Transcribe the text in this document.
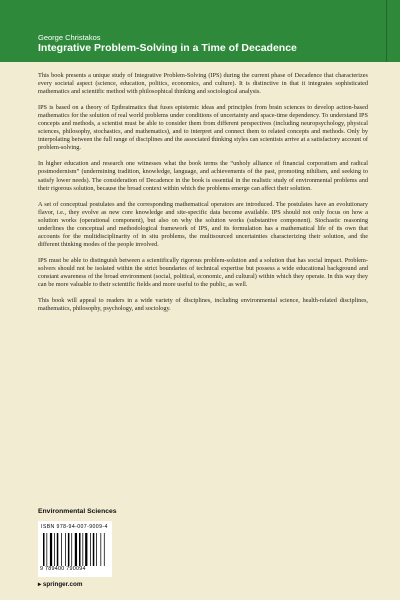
George Christakos
Integrative Problem-Solving in a Time of Decadence

This book presents a unique study of Integrative Problem-Solving (IPS) during the current phase of Decadence that characterizes every societal aspect (science, education, politics, economics, and culture). It is distinctive in that it integrates sophisticated mathematics and scientific method with philosophical thinking and sociological analysis.

IPS is based on a theory of Epibraimatics that fuses epistemic ideas and principles from brain sciences to develop action-based mathematics for the solution of real world problems under conditions of uncertainty and space-time dependency. To understand IPS concepts and methods, a scientist must be able to consider them from different perspectives (including neuropsychology, physical sciences, philosophy, stochastics, and mathematics), and to interpret and connect them to related concepts and methods. Only by interpolating between the full range of disciplines and the associated thinking styles can scientists arrive at a satisfactory account of problem-solving.

In higher education and research one witnesses what the book terms the “unholy alliance of financial corporatism and radical postmodernism” (undermining tradition, knowledge, language, and achievements of the past, promoting nihilism, and seeking to satisfy lower needs). The consideration of Decadence in the book is essential in the realistic study of environmental problems and their rigorous solution, because the broad context within which the problems emerge can affect their solution.

A set of conceptual postulates and the corresponding mathematical operators are introduced. The postulates have an evolutionary flavor, i.e., they evolve as new core knowledge and site-specific data become available. IPS should not only focus on how a solution works (operational component), but also on why the solution works (substantive component). Stochastic reasoning underlines the conceptual and methodological framework of IPS, and its formulation has a mathematical life of its own that accounts for the multidisciplinarity of in situ problems, the multisourced uncertainties characterizing their solution, and the different thinking modes of the people involved.

IPS must be able to distinguish between a scientifically rigorous problem-solution and a solution that has social impact. Problem-solvers should not be isolated within the strict boundaries of technical expertise but possess a wide educational background and constant awareness of the broad environment (social, political, economic, and cultural) within which they operate. In this way they can be more valuable to their scientific fields and more useful to the public, as well.

This book will appeal to readers in a wide variety of disciplines, including environmental science, health-related disciplines, mathematics, philosophy, psychology, and sociology.

Environmental Sciences
ISBN 978-94-007-9009-4
9 789400 790094
▸ springer.com
